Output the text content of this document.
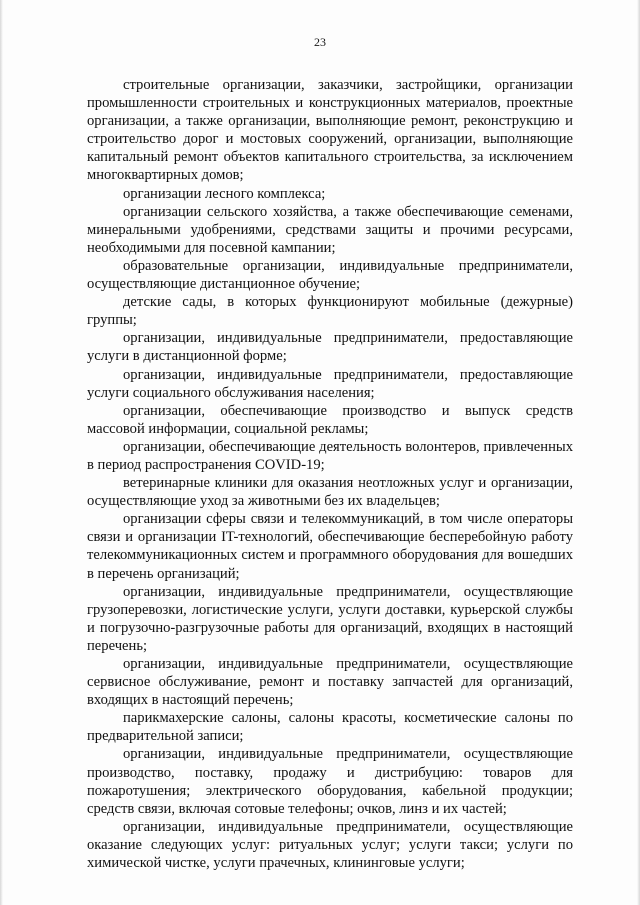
23

строительные организации, заказчики, застройщики, организации промышленности строительных и конструкционных материалов, проектные организации, а также организации, выполняющие ремонт, реконструкцию и строительство дорог и мостовых сооружений, организации, выполняющие капитальный ремонт объектов капитального строительства, за исключением многоквартирных домов;

организации лесного комплекса;

организации сельского хозяйства, а также обеспечивающие семенами, минеральными удобрениями, средствами защиты и прочими ресурсами, необходимыми для посевной кампании;

образовательные организации, индивидуальные предприниматели, осуществляющие дистанционное обучение;

детские сады, в которых функционируют мобильные (дежурные) группы;

организации, индивидуальные предприниматели, предоставляющие услуги в дистанционной форме;

организации, индивидуальные предприниматели, предоставляющие услуги социального обслуживания населения;

организации, обеспечивающие производство и выпуск средств массовой информации, социальной рекламы;

организации, обеспечивающие деятельность волонтеров, привлеченных в период распространения COVID-19;

ветеринарные клиники для оказания неотложных услуг и организации, осуществляющие уход за животными без их владельцев;

организации сферы связи и телекоммуникаций, в том числе операторы связи и организации IT-технологий, обеспечивающие бесперебойную работу телекоммуникационных систем и программного оборудования для вошедших в перечень организаций;

организации, индивидуальные предприниматели, осуществляющие грузоперевозки, логистические услуги, услуги доставки, курьерской службы и погрузочно-разгрузочные работы для организаций, входящих в настоящий перечень;

организации, индивидуальные предприниматели, осуществляющие сервисное обслуживание, ремонт и поставку запчастей для организаций, входящих в настоящий перечень;

парикмахерские салоны, салоны красоты, косметические салоны по предварительной записи;

организации, индивидуальные предприниматели, осуществляющие производство, поставку, продажу и дистрибуцию: товаров для пожаротушения; электрического оборудования, кабельной продукции; средств связи, включая сотовые телефоны; очков, линз и их частей;

организации, индивидуальные предприниматели, осуществляющие оказание следующих услуг: ритуальных услуг; услуги такси; услуги по химической чистке, услуги прачечных, клининговые услуги;
